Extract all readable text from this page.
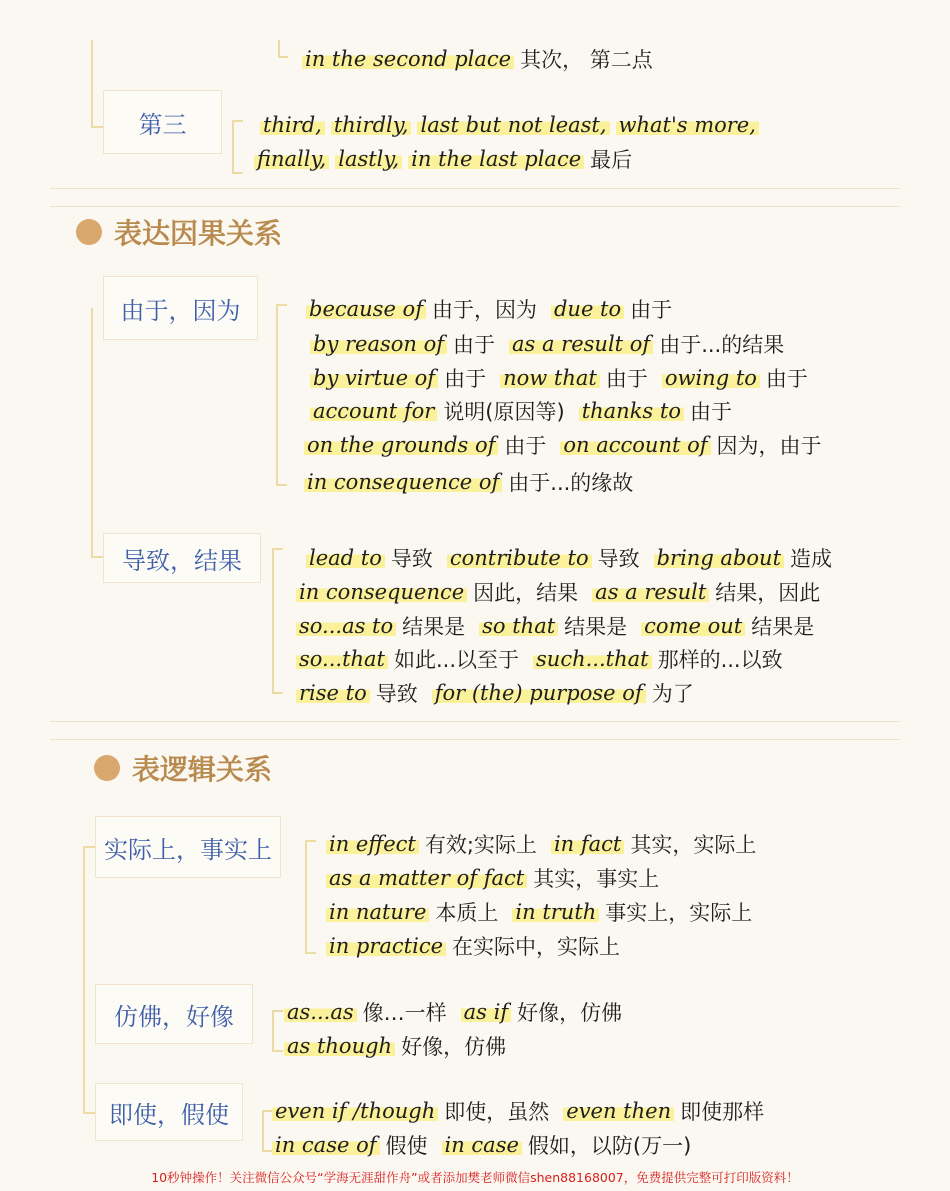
in the second place 其次， 第二点
第三	third, thirdly, last but not least, what's more,
finally, lastly, in the last place 最后
表达因果关系
由于，因为	because of 由于，因为 due to 由于
by reason of 由于 as a result of 由于...的结果
by virtue of 由于 now that 由于 owing to 由于
account for 说明(原因等) thanks to 由于
on the grounds of 由于 on account of 因为，由于
in consequence of 由于...的缘故
导致，结果	lead to 导致 contribute to 导致 bring about 造成
in consequence 因此，结果 as a result 结果，因此
so...as to 结果是 so that 结果是 come out 结果是
so...that 如此...以至于 such...that 那样的...以致
rise to 导致 for (the) purpose of 为了
表逻辑关系
实际上，事实上	in effect 有效;实际上 in fact 其实，实际上
as a matter of fact 其实，事实上
in nature 本质上 in truth 事实上，实际上
in practice 在实际中，实际上
仿佛，好像	as...as 像…一样 as if 好像，仿佛
as though 好像，仿佛
即使，假使	even if /though 即使，虽然 even then 即使那样
in case of 假使 in case 假如，以防(万一)
10秒钟操作！关注微信公众号“学海无涯甜作舟”或者添加樊老师微信shen88168007，免费提供完整可打印版资料！
